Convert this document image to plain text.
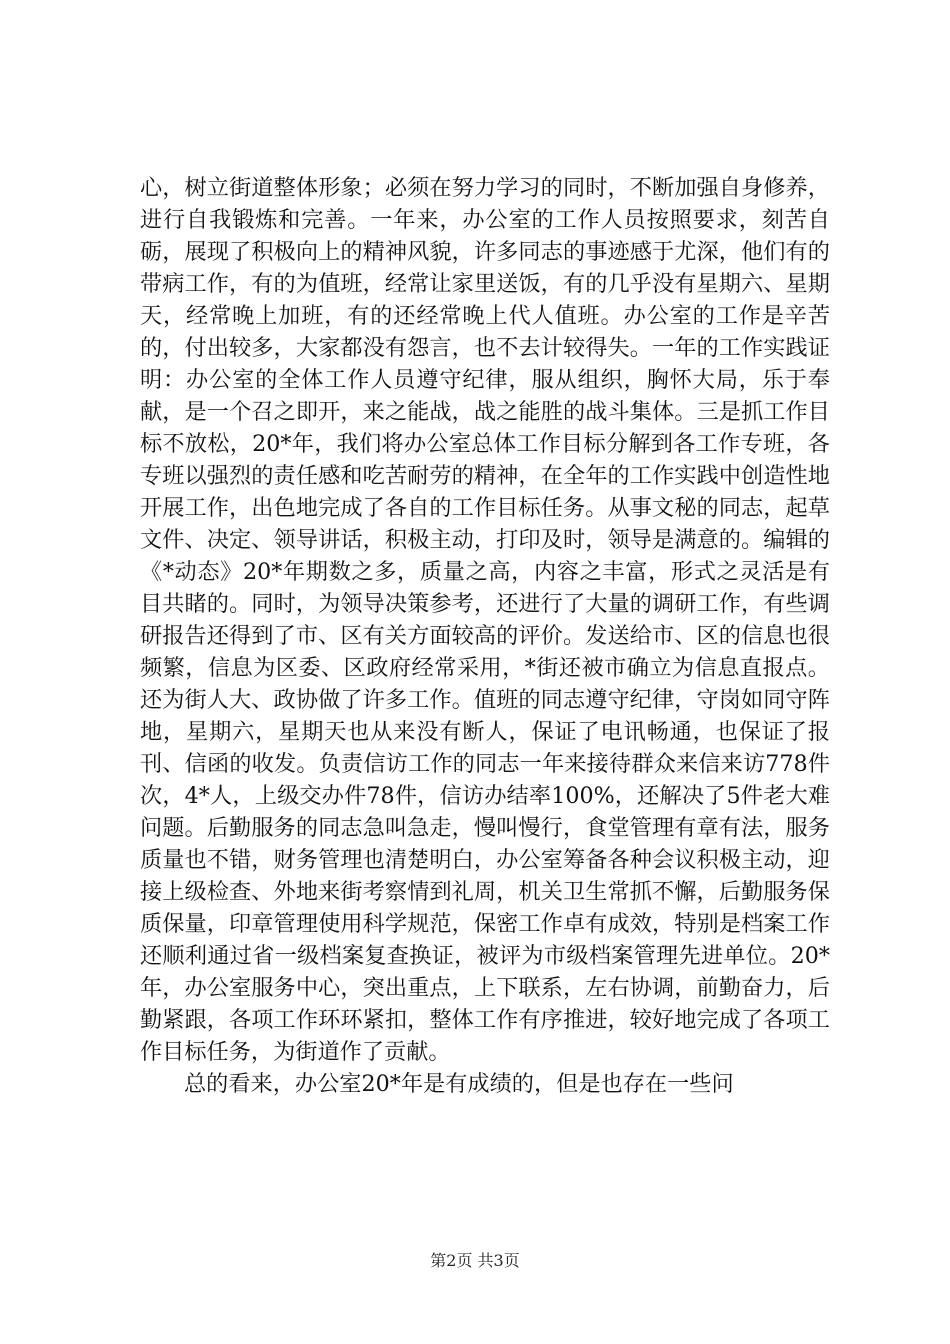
心，树立街道整体形象；必须在努力学习的同时，不断加强自身修养，进行自我锻炼和完善。一年来，办公室的工作人员按照要求，刻苦自砺，展现了积极向上的精神风貌，许多同志的事迹感于尤深，他们有的带病工作，有的为值班，经常让家里送饭，有的几乎没有星期六、星期天，经常晚上加班，有的还经常晚上代人值班。办公室的工作是辛苦的，付出较多，大家都没有怨言，也不去计较得失。一年的工作实践证明：办公室的全体工作人员遵守纪律，服从组织，胸怀大局，乐于奉献，是一个召之即开，来之能战，战之能胜的战斗集体。三是抓工作目标不放松，20*年，我们将办公室总体工作目标分解到各工作专班，各专班以强烈的责任感和吃苦耐劳的精神，在全年的工作实践中创造性地开展工作，出色地完成了各自的工作目标任务。从事文秘的同志，起草文件、决定、领导讲话，积极主动，打印及时，领导是满意的。编辑的《*动态》20*年期数之多，质量之高，内容之丰富，形式之灵活是有目共睹的。同时，为领导决策参考，还进行了大量的调研工作，有些调研报告还得到了市、区有关方面较高的评价。发送给市、区的信息也很频繁，信息为区委、区政府经常采用，*街还被市确立为信息直报点。还为街人大、政协做了许多工作。值班的同志遵守纪律，守岗如同守阵地，星期六，星期天也从来没有断人，保证了电讯畅通，也保证了报刊、信函的收发。负责信访工作的同志一年来接待群众来信来访778件次，4*人，上级交办件78件，信访办结率100%，还解决了5件老大难问题。后勤服务的同志急叫急走，慢叫慢行，食堂管理有章有法，服务质量也不错，财务管理也清楚明白，办公室筹备各种会议积极主动，迎接上级检查、外地来街考察情到礼周，机关卫生常抓不懈，后勤服务保质保量，印章管理使用科学规范，保密工作卓有成效，特别是档案工作还顺利通过省一级档案复查换证，被评为市级档案管理先进单位。20*年，办公室服务中心，突出重点，上下联系，左右协调，前勤奋力，后勤紧跟，各项工作环环紧扣，整体工作有序推进，较好地完成了各项工作目标任务，为街道作了贡献。

总的看来，办公室20*年是有成绩的，但是也存在一些问

第2页 共3页
